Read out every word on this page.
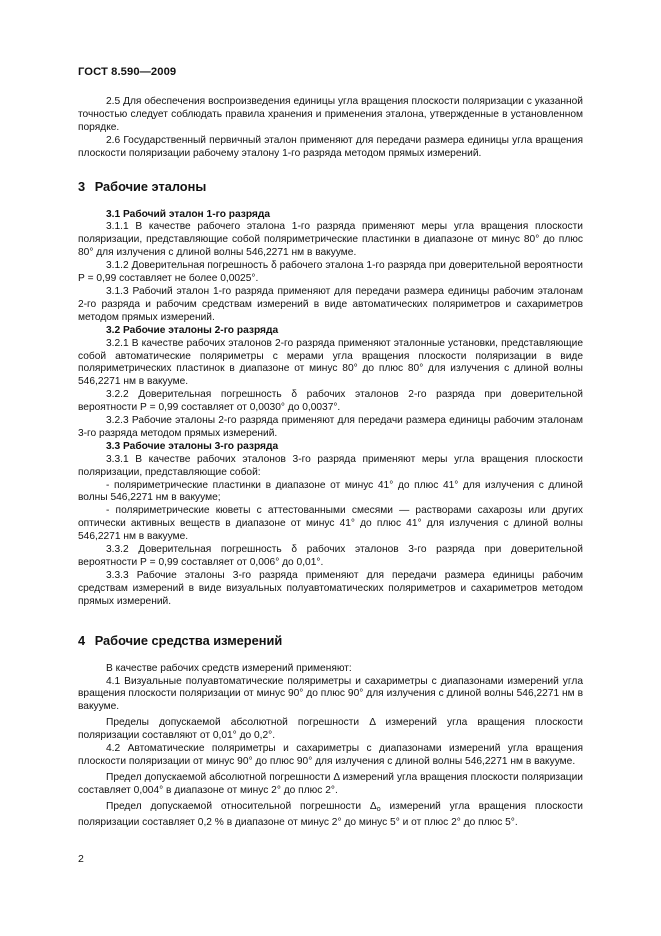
ГОСТ 8.590—2009

2.5 Для обеспечения воспроизведения единицы угла вращения плоскости поляризации с указанной точностью следует соблюдать правила хранения и применения эталона, утвержденные в установленном порядке.

2.6 Государственный первичный эталон применяют для передачи размера единицы угла вращения плоскости поляризации рабочему эталону 1-го разряда методом прямых измерений.

3 Рабочие эталоны
3.1 Рабочий эталон 1-го разряда

3.1.1 В качестве рабочего эталона 1-го разряда применяют меры угла вращения плоскости поляризации, представляющие собой поляриметрические пластинки в диапазоне от минус 80° до плюс 80° для излучения с длиной волны 546,2271 нм в вакууме.

3.1.2 Доверительная погрешность δ рабочего эталона 1-го разряда при доверительной вероятности Р = 0,99 составляет не более 0,0025°.

3.1.3 Рабочий эталон 1-го разряда применяют для передачи размера единицы рабочим эталонам 2-го разряда и рабочим средствам измерений в виде автоматических поляриметров и сахариметров методом прямых измерений.

3.2 Рабочие эталоны 2-го разряда

3.2.1 В качестве рабочих эталонов 2-го разряда применяют эталонные установки, представляющие собой автоматические поляриметры с мерами угла вращения плоскости поляризации в виде поляриметрических пластинок в диапазоне от минус 80° до плюс 80° для излучения с длиной волны 546,2271 нм в вакууме.

3.2.2 Доверительная погрешность δ рабочих эталонов 2-го разряда при доверительной вероятности Р = 0,99 составляет от 0,0030° до 0,0037°.

3.2.3 Рабочие эталоны 2-го разряда применяют для передачи размера единицы рабочим эталонам 3-го разряда методом прямых измерений.

3.3 Рабочие эталоны 3-го разряда

3.3.1 В качестве рабочих эталонов 3-го разряда применяют меры угла вращения плоскости поляризации, представляющие собой:

- поляриметрические пластинки в диапазоне от минус 41° до плюс 41° для излучения с длиной волны 546,2271 нм в вакууме;

- поляриметрические кюветы с аттестованными смесями — растворами сахарозы или других оптически активных веществ в диапазоне от минус 41° до плюс 41° для излучения с длиной волны 546,2271 нм в вакууме.

3.3.2 Доверительная погрешность δ рабочих эталонов 3-го разряда при доверительной вероятности Р = 0,99 составляет от 0,006° до 0,01°.

3.3.3 Рабочие эталоны 3-го разряда применяют для передачи размера единицы рабочим средствам измерений в виде визуальных полуавтоматических поляриметров и сахариметров методом прямых измерений.

4 Рабочие средства измерений

В качестве рабочих средств измерений применяют:

4.1 Визуальные полуавтоматические поляриметры и сахариметры с диапазонами измерений угла вращения плоскости поляризации от минус 90° до плюс 90° для излучения с длиной волны 546,2271 нм в вакууме.

Пределы допускаемой абсолютной погрешности Δ измерений угла вращения плоскости поляризации составляют от 0,01° до 0,2°.

4.2 Автоматические поляриметры и сахариметры с диапазонами измерений угла вращения плоскости поляризации от минус 90° до плюс 90° для излучения с длиной волны 546,2271 нм в вакууме.

Предел допускаемой абсолютной погрешности Δ измерений угла вращения плоскости поляризации составляет 0,004° в диапазоне от минус 2° до плюс 2°.

Предел допускаемой относительной погрешности $\Delta_о$ измерений угла вращения плоскости поляризации составляет 0,2 % в диапазоне от минус 2° до минус 5° и от плюс 2° до плюс 5°.

2
